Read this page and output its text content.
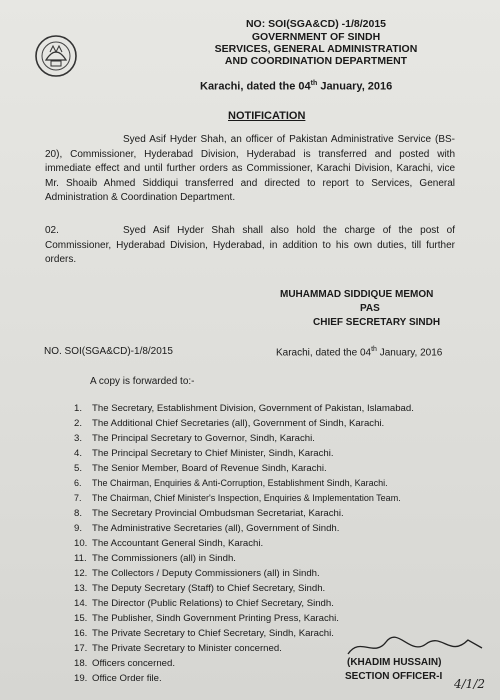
NO: SOI(SGA&CD) -1/8/2015
GOVERNMENT OF SINDH
SERVICES, GENERAL ADMINISTRATION
AND COORDINATION DEPARTMENT
Karachi, dated the 04th January, 2016
NOTIFICATION
Syed Asif Hyder Shah, an officer of Pakistan Administrative Service (BS-20), Commissioner, Hyderabad Division, Hyderabad is transferred and posted with immediate effect and until further orders as Commissioner, Karachi Division, Karachi, vice Mr. Shoaib Ahmed Siddiqui transferred and directed to report to Services, General Administration & Coordination Department.
02.	Syed Asif Hyder Shah shall also hold the charge of the post of Commissioner, Hyderabad Division, Hyderabad, in addition to his own duties, till further orders.
MUHAMMAD SIDDIQUE MEMON
PAS
CHIEF SECRETARY SINDH
NO. SOI(SGA&CD)-1/8/2015	Karachi, dated the 04th January, 2016
A copy is forwarded to:-
1. The Secretary, Establishment Division, Government of Pakistan, Islamabad.
2. The Additional Chief Secretaries (all), Government of Sindh, Karachi.
3. The Principal Secretary to Governor, Sindh, Karachi.
4. The Principal Secretary to Chief Minister, Sindh, Karachi.
5. The Senior Member, Board of Revenue Sindh, Karachi.
6. The Chairman, Enquiries & Anti-Corruption, Establishment Sindh, Karachi.
7. The Chairman, Chief Minister's Inspection, Enquiries & Implementation Team.
8. The Secretary Provincial Ombudsman Secretariat, Karachi.
9. The Administrative Secretaries (all), Government of Sindh.
10. The Accountant General Sindh, Karachi.
11. The Commissioners (all) in Sindh.
12. The Collectors / Deputy Commissioners (all) in Sindh.
13. The Deputy Secretary (Staff) to Chief Secretary, Sindh.
14. The Director (Public Relations) to Chief Secretary, Sindh.
15. The Publisher, Sindh Government Printing Press, Karachi.
16. The Private Secretary to Chief Secretary, Sindh, Karachi.
17. The Private Secretary to Minister concerned.
18. Officers concerned.
19. Office Order file.
(KHADIM HUSSAIN)
SECTION OFFICER-I
4/1/2
